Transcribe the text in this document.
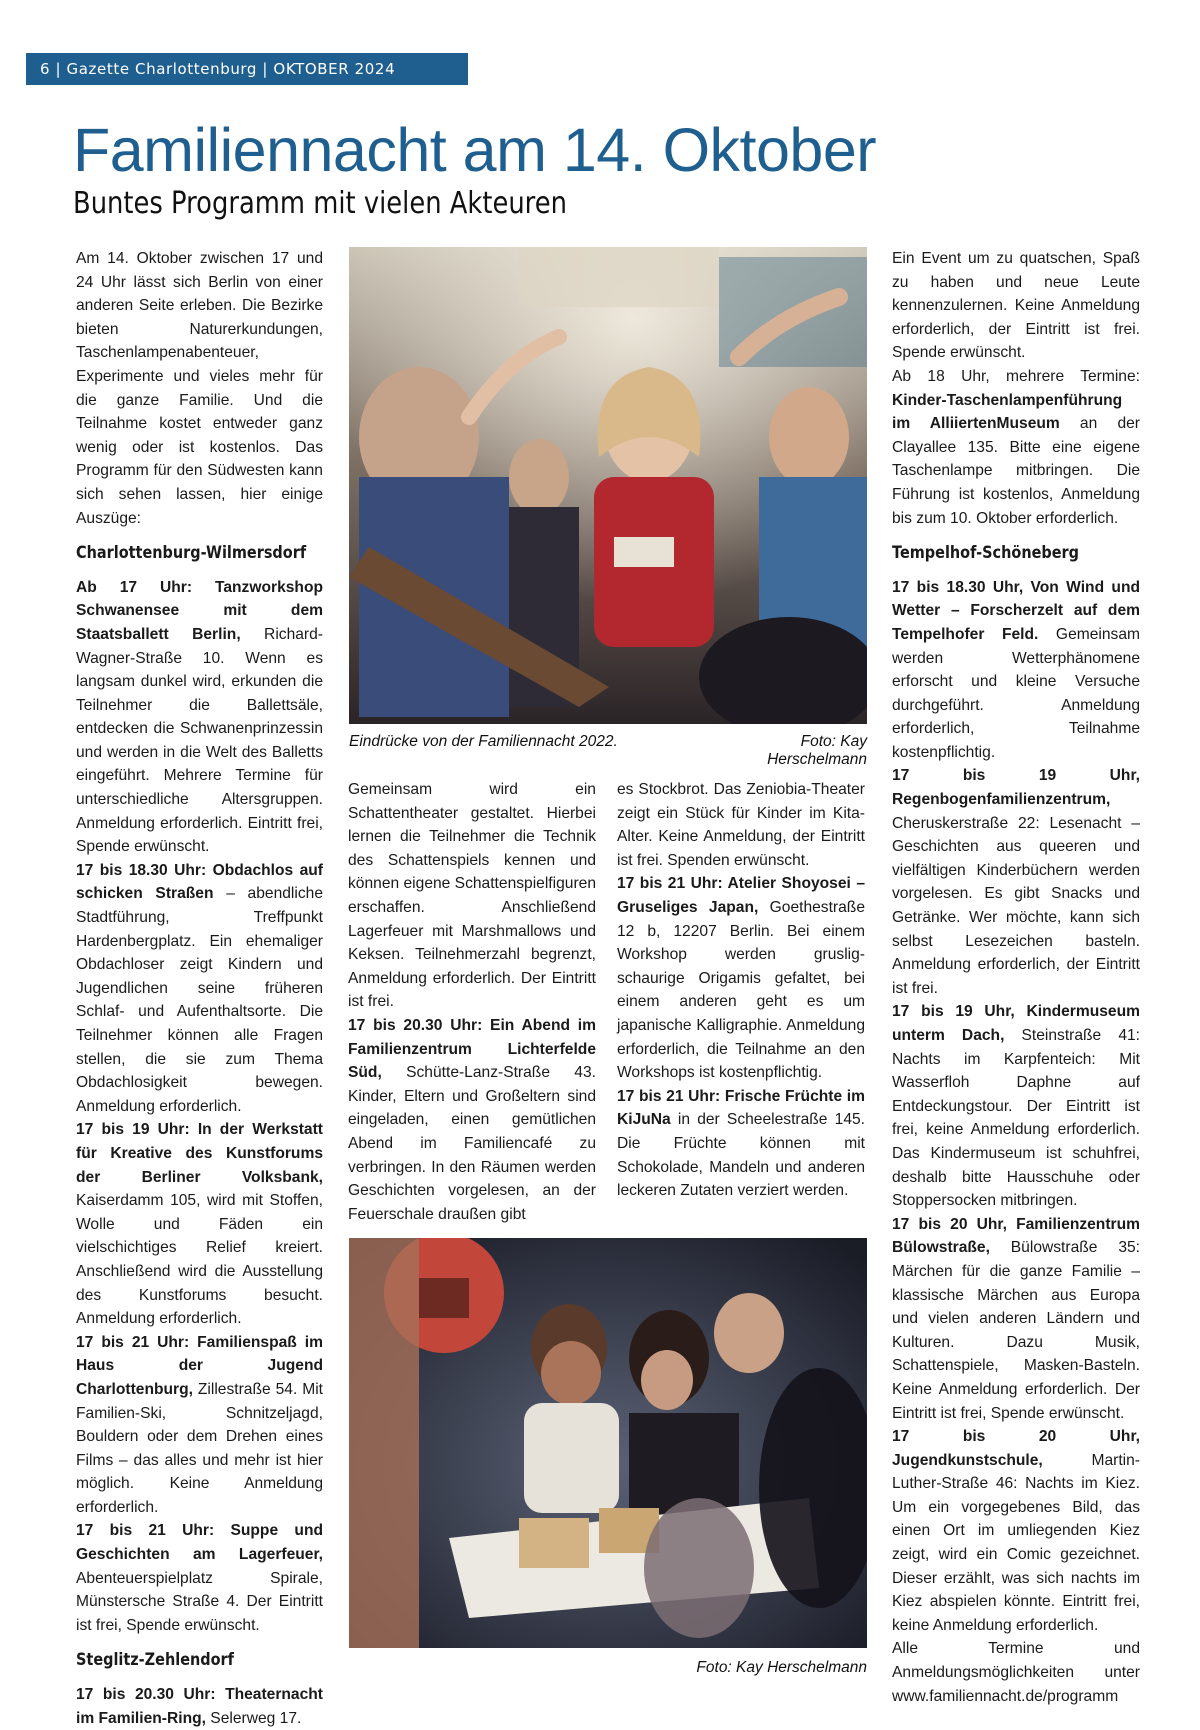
6 | Gazette Charlottenburg | OKTOBER 2024
Familiennacht am 14. Oktober
Buntes Programm mit vielen Akteuren

Am 14. Oktober zwischen 17 und 24 Uhr lässt sich Berlin von einer anderen Seite erleben. Die Bezirke bieten Naturerkundungen, Taschenlampenabenteuer, Experimente und vieles mehr für die ganze Familie. Und die Teilnahme kostet entweder ganz wenig oder ist kostenlos. Das Programm für den Südwesten kann sich sehen lassen, hier einige Auszüge:

Charlottenburg-Wilmersdorf

Ab 17 Uhr: Tanzworkshop Schwanensee mit dem Staatsballett Berlin, Richard-Wagner-Straße 10. Wenn es langsam dunkel wird, erkunden die Teilnehmer die Ballettsäle, entdecken die Schwanenprinzessin und werden in die Welt des Balletts eingeführt. Mehrere Termine für unterschiedliche Altersgruppen. Anmeldung erforderlich. Eintritt frei, Spende erwünscht.

17 bis 18.30 Uhr: Obdachlos auf schicken Straßen – abendliche Stadtführung, Treffpunkt Hardenbergplatz. Ein ehemaliger Obdachloser zeigt Kindern und Jugendlichen seine früheren Schlaf- und Aufenthaltsorte. Die Teilnehmer können alle Fragen stellen, die sie zum Thema Obdachlosigkeit bewegen. Anmeldung erforderlich.

17 bis 19 Uhr: In der Werkstatt für Kreative des Kunstforums der Berliner Volksbank, Kaiserdamm 105, wird mit Stoffen, Wolle und Fäden ein vielschichtiges Relief kreiert. Anschließend wird die Ausstellung des Kunstforums besucht. Anmeldung erforderlich.

17 bis 21 Uhr: Familienspaß im Haus der Jugend Charlottenburg, Zillestraße 54. Mit Familien-Ski, Schnitzeljagd, Bouldern oder dem Drehen eines Films – das alles und mehr ist hier möglich. Keine Anmeldung erforderlich.

17 bis 21 Uhr: Suppe und Geschichten am Lagerfeuer, Abenteuerspielplatz Spirale, Münstersche Straße 4. Der Eintritt ist frei, Spende erwünscht.

Steglitz-Zehlendorf

17 bis 20.30 Uhr: Theaternacht im Familien-Ring, Selerweg 17.

Eindrücke von der Familiennacht 2022.	Foto: Kay Herschelmann

Gemeinsam wird ein Schattentheater gestaltet. Hierbei lernen die Teilnehmer die Technik des Schattenspiels kennen und können eigene Schattenspielfiguren erschaffen. Anschließend Lagerfeuer mit Marshmallows und Keksen. Teilnehmerzahl begrenzt, Anmeldung erforderlich. Der Eintritt ist frei.

17 bis 20.30 Uhr: Ein Abend im Familienzentrum Lichterfelde Süd, Schütte-Lanz-Straße 43. Kinder, Eltern und Großeltern sind eingeladen, einen gemütlichen Abend im Familiencafé zu verbringen. In den Räumen werden Geschichten vorgelesen, an der Feuerschale draußen gibt

es Stockbrot. Das Zeniobia-Theater zeigt ein Stück für Kinder im Kita-Alter. Keine Anmeldung, der Eintritt ist frei. Spenden erwünscht.

17 bis 21 Uhr: Atelier Shoyosei – Gruseliges Japan, Goethestraße 12 b, 12207 Berlin. Bei einem Workshop werden gruslig-schaurige Origamis gefaltet, bei einem anderen geht es um japanische Kalligraphie. Anmeldung erforderlich, die Teilnahme an den Workshops ist kostenpflichtig.

17 bis 21 Uhr: Frische Früchte im KiJuNa in der Scheelestraße 145. Die Früchte können mit Schokolade, Mandeln und anderen leckeren Zutaten verziert werden.

Foto: Kay Herschelmann

Ein Event um zu quatschen, Spaß zu haben und neue Leute kennenzulernen. Keine Anmeldung erforderlich, der Eintritt ist frei. Spende erwünscht.

Ab 18 Uhr, mehrere Termine: Kinder-Taschenlampenführung im AlliiertenMuseum an der Clayallee 135. Bitte eine eigene Taschenlampe mitbringen. Die Führung ist kostenlos, Anmeldung bis zum 10. Oktober erforderlich.

Tempelhof-Schöneberg

17 bis 18.30 Uhr, Von Wind und Wetter – Forscherzelt auf dem Tempelhofer Feld. Gemeinsam werden Wetterphänomene erforscht und kleine Versuche durchgeführt. Anmeldung erforderlich, Teilnahme kostenpflichtig.

17 bis 19 Uhr, Regenbogenfamilienzentrum, Cheruskerstraße 22: Lesenacht – Geschichten aus queeren und vielfältigen Kinderbüchern werden vorgelesen. Es gibt Snacks und Getränke. Wer möchte, kann sich selbst Lesezeichen basteln. Anmeldung erforderlich, der Eintritt ist frei.

17 bis 19 Uhr, Kindermuseum unterm Dach, Steinstraße 41: Nachts im Karpfenteich: Mit Wasserfloh Daphne auf Entdeckungstour. Der Eintritt ist frei, keine Anmeldung erforderlich. Das Kindermuseum ist schuhfrei, deshalb bitte Hausschuhe oder Stoppersocken mitbringen.

17 bis 20 Uhr, Familienzentrum Bülowstraße, Bülowstraße 35: Märchen für die ganze Familie – klassische Märchen aus Europa und vielen anderen Ländern und Kulturen. Dazu Musik, Schattenspiele, Masken-Basteln. Keine Anmeldung erforderlich. Der Eintritt ist frei, Spende erwünscht.

17 bis 20 Uhr, Jugendkunstschule, Martin-Luther-Straße 46: Nachts im Kiez. Um ein vorgegebenes Bild, das einen Ort im umliegenden Kiez zeigt, wird ein Comic gezeichnet. Dieser erzählt, was sich nachts im Kiez abspielen könnte. Eintritt frei, keine Anmeldung erforderlich.

Alle Termine und Anmeldungsmöglichkeiten unter www.familiennacht.de/programm
